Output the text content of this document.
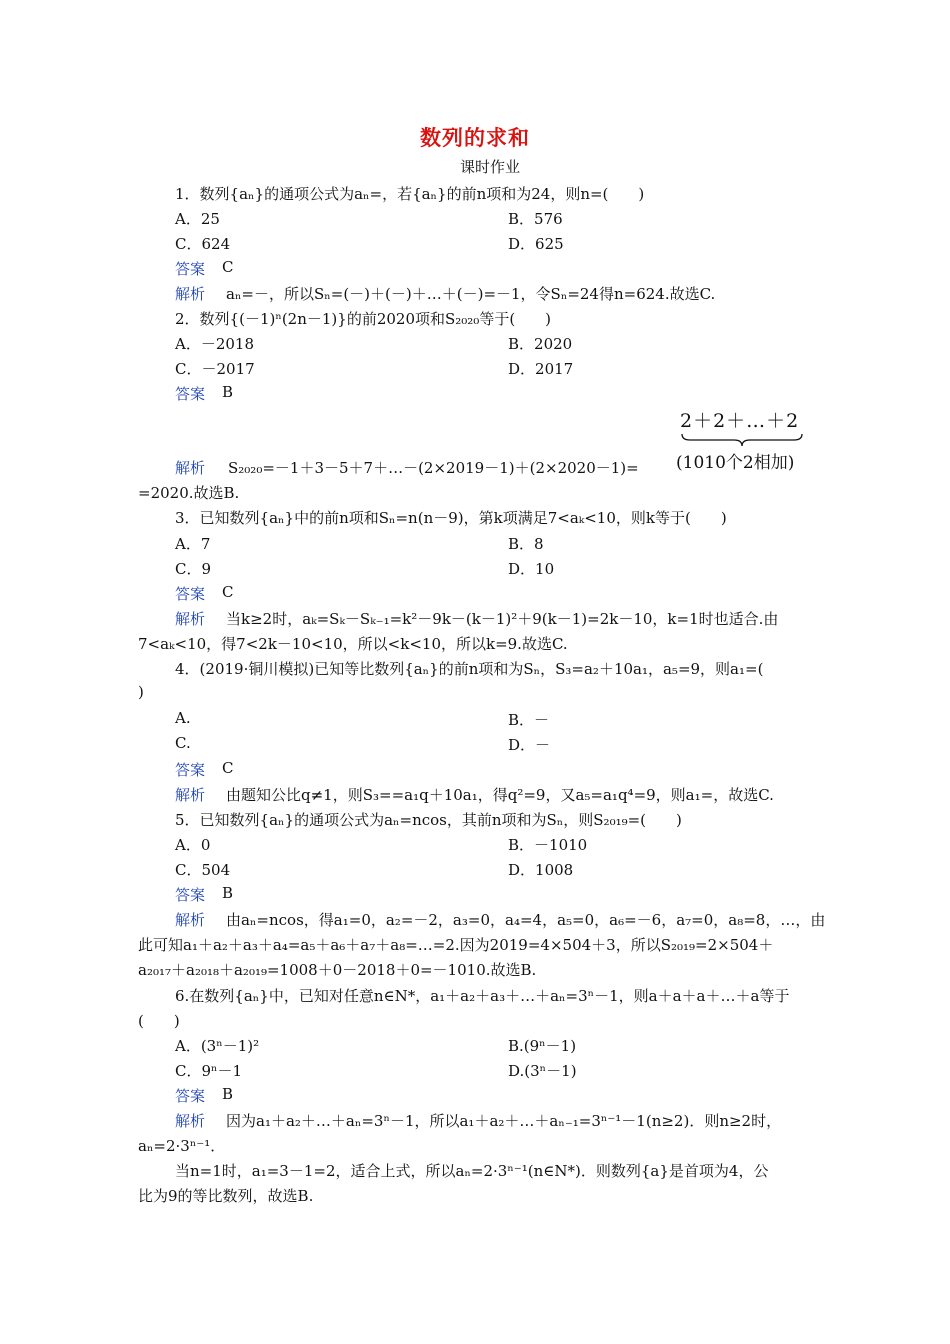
数列的求和
课时作业
1．数列{aₙ}的通项公式为aₙ=，若{aₙ}的前n项和为24，则n=(　　)
A．25	B．576
C．624	D．625
答案 C
解析 aₙ=－，所以Sₙ=(－)＋(－)＋…＋(－)=－1，令Sₙ=24得n=624.故选C.
2．数列{(－1)ⁿ(2n－1)}的前2020项和S₂₀₂₀等于(　　)
A．－2018	B．2020
C．－2017	D．2017
答案 B
2＋2＋…＋2
(1010个2相加)
解析 S₂₀₂₀=－1＋3－5＋7＋…－(2×2019－1)＋(2×2020－1)=
=2020.故选B.
3．已知数列{aₙ}中的前n项和Sₙ=n(n－9)，第k项满足7<aₖ<10，则k等于(　　)
A．7	B．8
C．9	D．10
答案 C
解析 当k≥2时，aₖ=Sₖ－Sₖ₋₁=k²－9k－(k－1)²＋9(k－1)=2k－10，k=1时也适合.由
7<aₖ<10，得7<2k－10<10，所以<k<10，所以k=9.故选C.
4．(2019·铜川模拟)已知等比数列{aₙ}的前n项和为Sₙ，S₃=a₂＋10a₁，a₅=9，则a₁=(
)
A.	B．－
C.	D．－
答案 C
解析 由题知公比q≠1，则S₃==a₁q＋10a₁，得q²=9，又a₅=a₁q⁴=9，则a₁=，故选C.
5．已知数列{aₙ}的通项公式为aₙ=ncos，其前n项和为Sₙ，则S₂₀₁₉=(　　)
A．0	B．－1010
C．504	D．1008
答案 B
解析 由aₙ=ncos，得a₁=0，a₂=－2，a₃=0，a₄=4，a₅=0，a₆=－6，a₇=0，a₈=8，…，由
此可知a₁＋a₂＋a₃＋a₄=a₅＋a₆＋a₇＋a₈=…=2.因为2019=4×504＋3，所以S₂₀₁₉=2×504＋
a₂₀₁₇＋a₂₀₁₈＋a₂₀₁₉=1008＋0－2018＋0=－1010.故选B.
6.在数列{aₙ}中，已知对任意n∈N*，a₁＋a₂＋a₃＋…＋aₙ=3ⁿ－1，则a＋a＋a＋…＋a等于
(　　)
A．(3ⁿ－1)²	B.(9ⁿ－1)
C．9ⁿ－1	D.(3ⁿ－1)
答案 B
解析 因为a₁＋a₂＋…＋aₙ=3ⁿ－1，所以a₁＋a₂＋…＋aₙ₋₁=3ⁿ⁻¹－1(n≥2)．则n≥2时，
aₙ=2·3ⁿ⁻¹．
当n=1时，a₁=3－1=2，适合上式，所以aₙ=2·3ⁿ⁻¹(n∈N*)．则数列{a}是首项为4，公
比为9的等比数列，故选B.
